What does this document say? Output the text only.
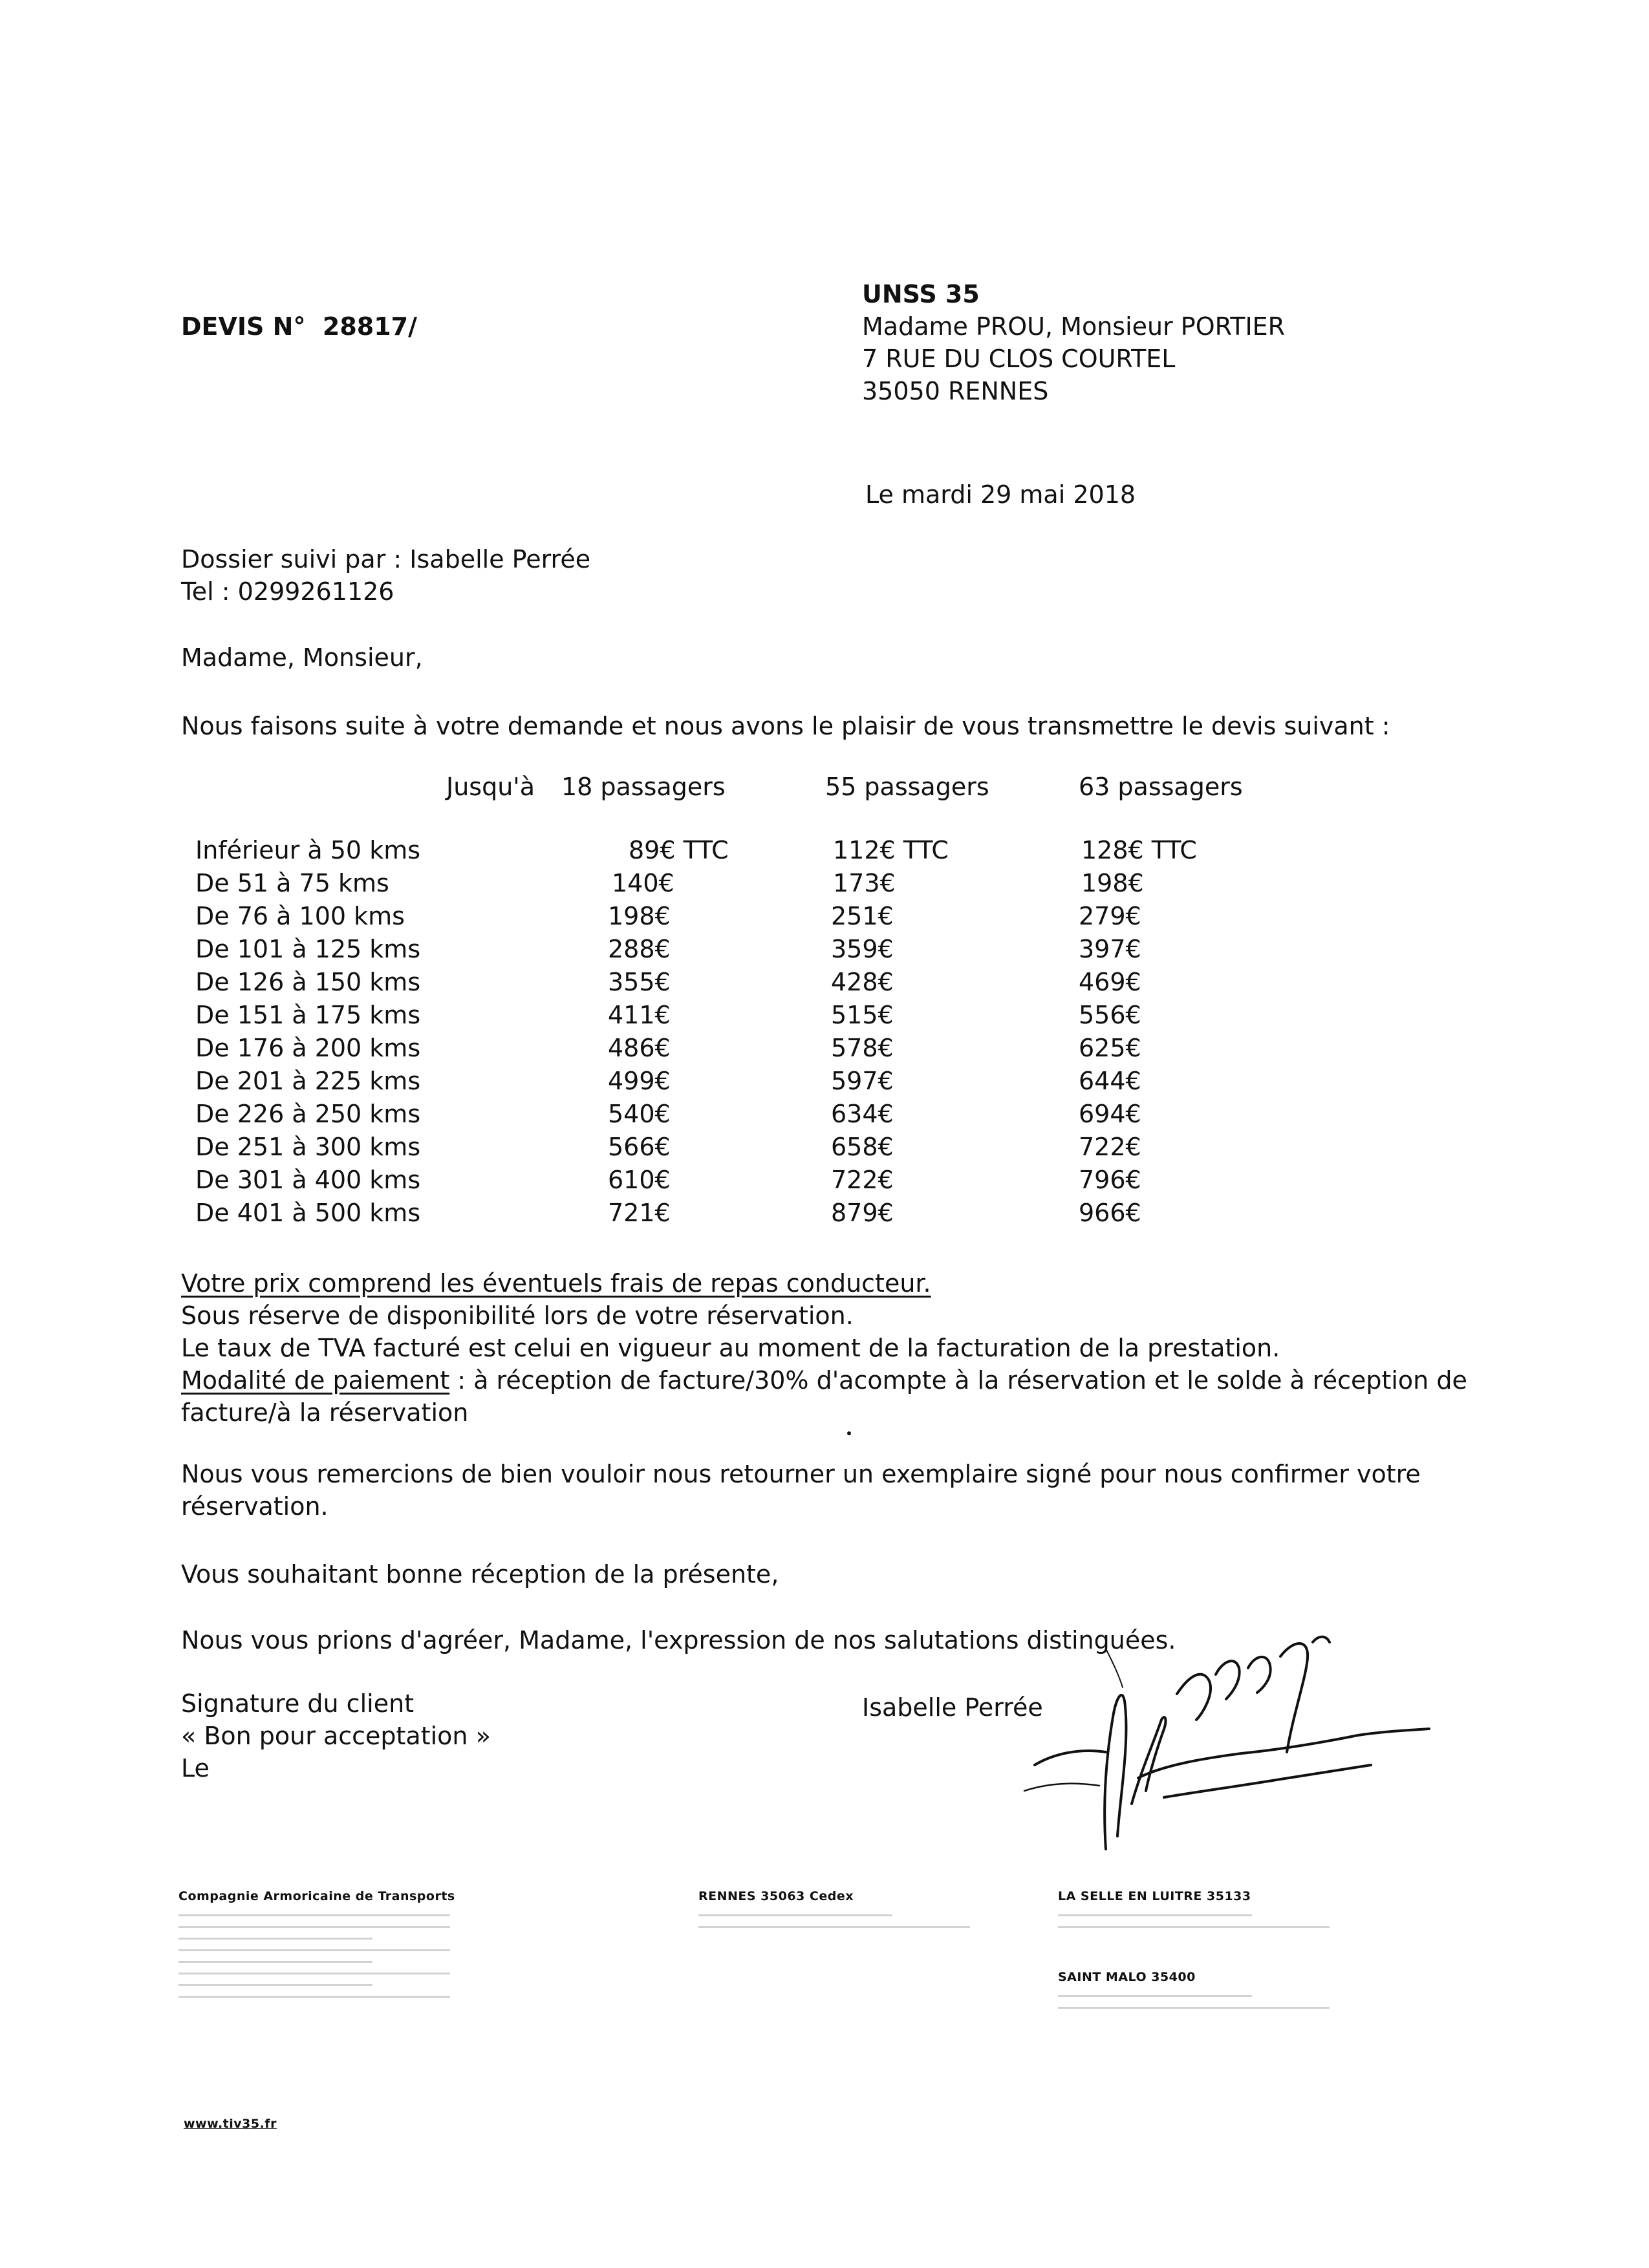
DEVIS N° 28817/
UNSS 35
Madame PROU, Monsieur PORTIER
7 RUE DU CLOS COURTEL
35050 RENNES
Le mardi 29 mai 2018
Dossier suivi par : Isabelle Perrée
Tel : 0299261126
Madame, Monsieur,
Nous faisons suite à votre demande et nous avons le plaisir de vous transmettre le devis suivant :
Jusqu'à 18 passagers	55 passagers	63 passagers
Inférieur à 50 kms	89€ TTC	112€ TTC	128€ TTC
De 51 à 75 kms	140€	173€	198€
De 76 à 100 kms	198€	251€	279€
De 101 à 125 kms	288€	359€	397€
De 126 à 150 kms	355€	428€	469€
De 151 à 175 kms	411€	515€	556€
De 176 à 200 kms	486€	578€	625€
De 201 à 225 kms	499€	597€	644€
De 226 à 250 kms	540€	634€	694€
De 251 à 300 kms	566€	658€	722€
De 301 à 400 kms	610€	722€	796€
De 401 à 500 kms	721€	879€	966€
Votre prix comprend les éventuels frais de repas conducteur.
Sous réserve de disponibilité lors de votre réservation.
Le taux de TVA facturé est celui en vigueur au moment de la facturation de la prestation.
Modalité de paiement : à réception de facture/30% d'acompte à la réservation et le solde à réception de
facture/à la réservation
Nous vous remercions de bien vouloir nous retourner un exemplaire signé pour nous confirmer votre
réservation.
Vous souhaitant bonne réception de la présente,
Nous vous prions d'agréer, Madame, l'expression de nos salutations distinguées.
Signature du client
« Bon pour acceptation »
Le
Isabelle Perrée
Compagnie Armoricaine de Transports	RENNES 35063 Cedex	LA SELLE EN LUITRE 35133
SAINT MALO 35400
www.tiv35.fr
